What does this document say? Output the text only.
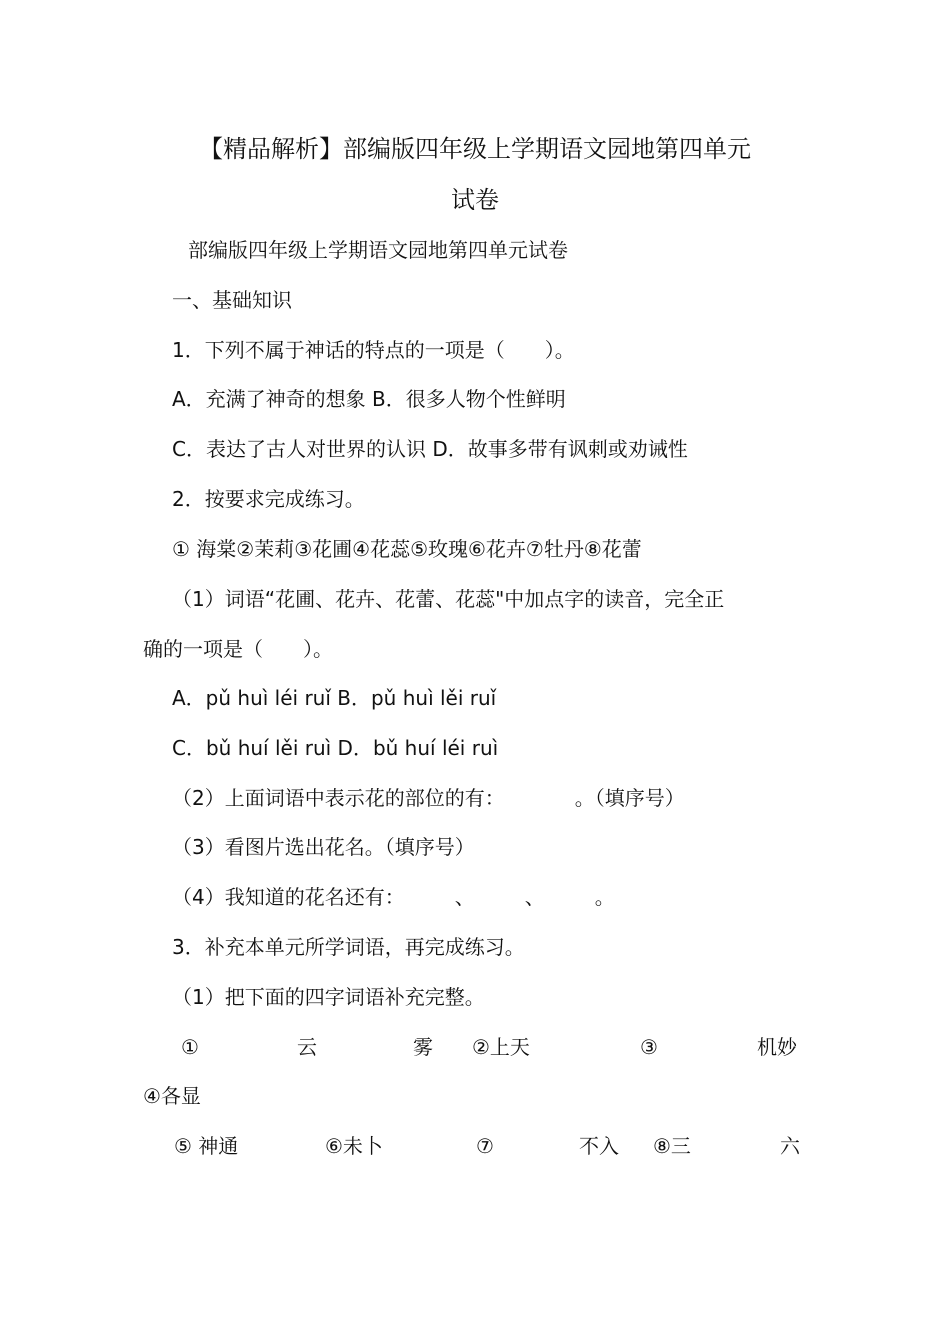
【精品解析】部编版四年级上学期语文园地第四单元
试卷
部编版四年级上学期语文园地第四单元试卷
一、基础知识
1．下列不属于神话的特点的一项是（　　）。
A．充满了神奇的想象 B．很多人物个性鲜明
C．表达了古人对世界的认识 D．故事多带有讽刺或劝诫性
2．按要求完成练习。
① 海棠②茉莉③花圃④花蕊⑤玫瑰⑥花卉⑦牡丹⑧花蕾
（1）词语“花圃、花卉、花蕾、花蕊"中加点字的读音，完全正
确的一项是（　　）。
A．pǔ huì léi ruǐ B．pǔ huì lěi ruǐ
C．bǔ huí lěi ruì D．bǔ huí léi ruì
（2）上面词语中表示花的部位的有：　　　　。（填序号）
（3）看图片选出花名。（填序号）
（4）我知道的花名还有：　　　、　　　、　　　。
3．补充本单元所学词语，再完成练习。
（1）把下面的四字词语补充完整。
①	云	雾 ②上天	③	机妙
④各显
⑤ 神通	⑥未卜	⑦	不入 ⑧三	六
